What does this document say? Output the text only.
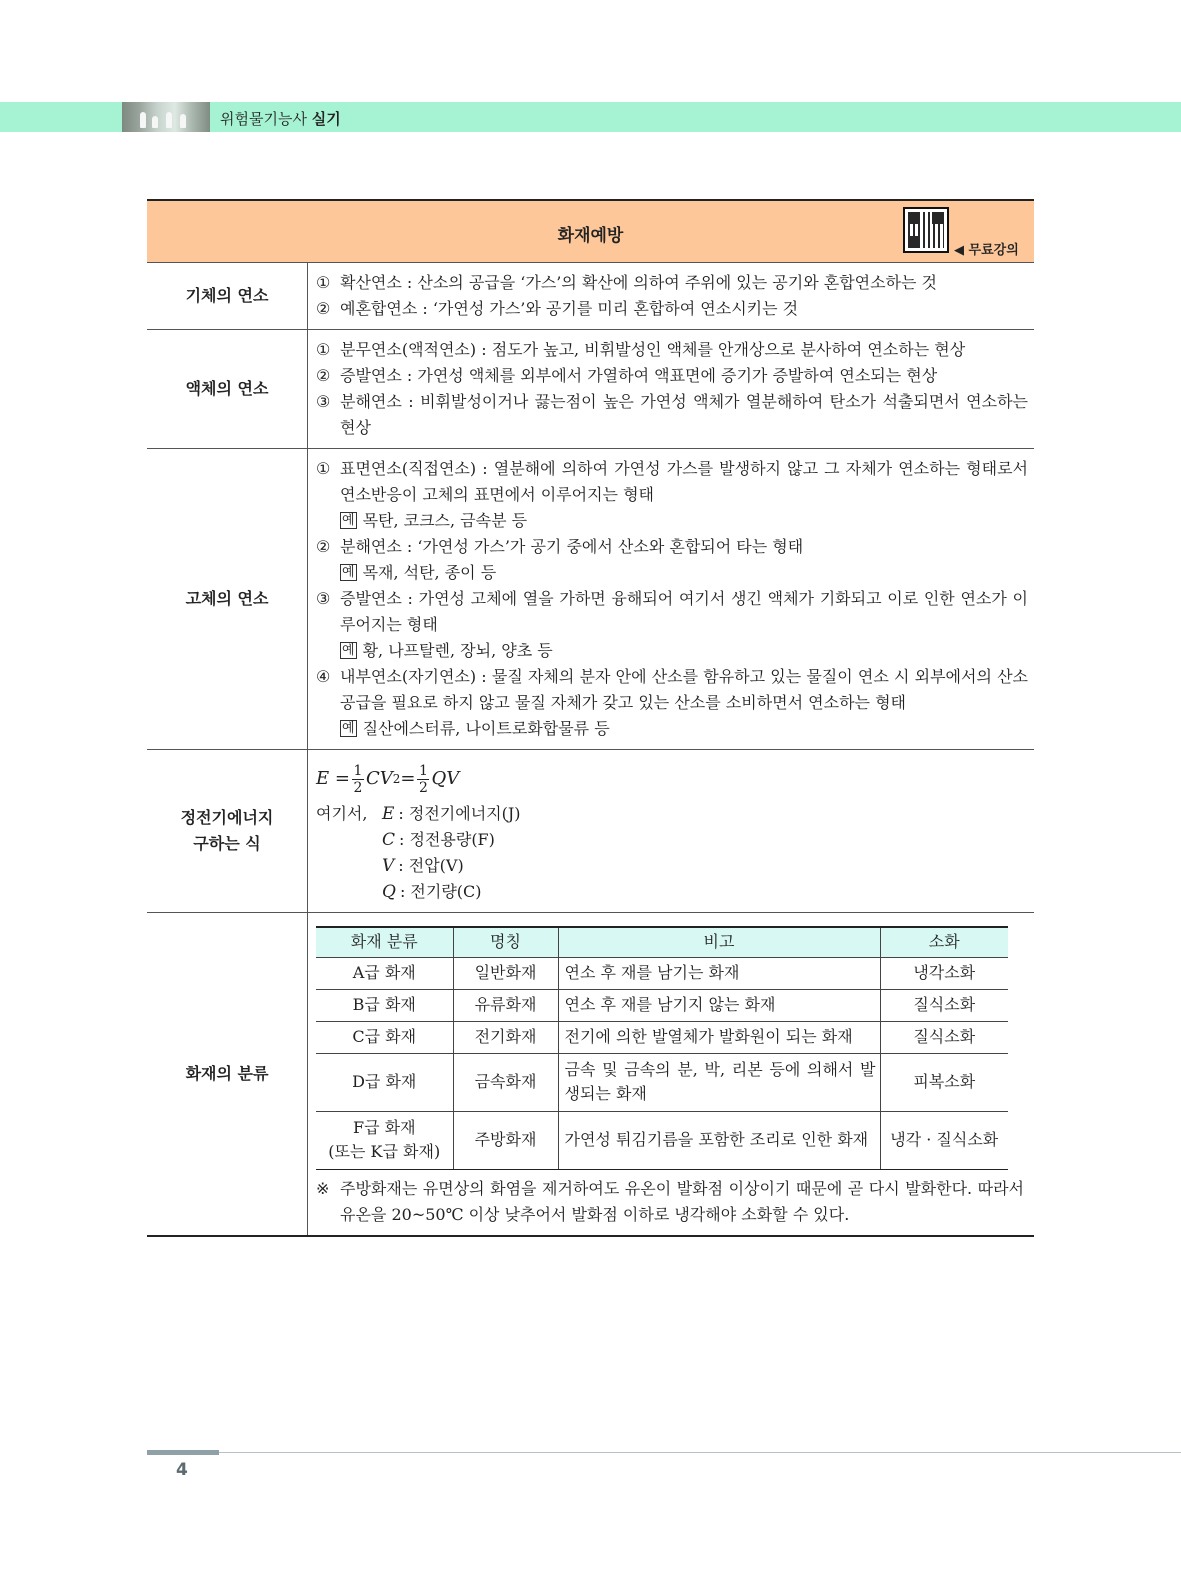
위험물기능사 실기
화재예방
◀ 무료강의
기체의 연소
① 확산연소 : 산소의 공급을 ‘가스’의 확산에 의하여 주위에 있는 공기와 혼합연소하는 것
② 예혼합연소 : ‘가연성 가스’와 공기를 미리 혼합하여 연소시키는 것
액체의 연소
① 분무연소(액적연소) : 점도가 높고, 비휘발성인 액체를 안개상으로 분사하여 연소하는 현상
② 증발연소 : 가연성 액체를 외부에서 가열하여 액표면에 증기가 증발하여 연소되는 현상
③ 분해연소 : 비휘발성이거나 끓는점이 높은 가연성 액체가 열분해하여 탄소가 석출되면서 연소하는 현상
고체의 연소
① 표면연소(직접연소) : 열분해에 의하여 가연성 가스를 발생하지 않고 그 자체가 연소하는 형태로서 연소반응이 고체의 표면에서 이루어지는 형태
예 목탄, 코크스, 금속분 등
② 분해연소 : ‘가연성 가스’가 공기 중에서 산소와 혼합되어 타는 형태
예 목재, 석탄, 종이 등
③ 증발연소 : 가연성 고체에 열을 가하면 융해되어 여기서 생긴 액체가 기화되고 이로 인한 연소가 이루어지는 형태
예 황, 나프탈렌, 장뇌, 양초 등
④ 내부연소(자기연소) : 물질 자체의 분자 안에 산소를 함유하고 있는 물질이 연소 시 외부에서의 산소 공급을 필요로 하지 않고 물질 자체가 갖고 있는 산소를 소비하면서 연소하는 형태
예 질산에스터류, 나이트로화합물류 등
정전기에너지
구하는 식
$E = \frac{1}{2}$ CV $2 = \frac{1}{2}$ QV
여기서, E : 정전기에너지(J)
C : 정전용량(F)
V : 전압(V)
Q : 전기량(C)
화재의 분류
화재 분류	명칭	비고	소화
A급 화재	일반화재	연소 후 재를 남기는 화재	냉각소화
B급 화재	유류화재	연소 후 재를 남기지 않는 화재	질식소화
C급 화재	전기화재	전기에 의한 발열체가 발화원이 되는 화재	질식소화
D급 화재	금속화재	금속 및 금속의 분, 박, 리본 등에 의해서 발생되는 화재	피복소화
F급 화재
(또는 K급 화재)	주방화재	가연성 튀김기름을 포함한 조리로 인한 화재	냉각 · 질식소화
※ 주방화재는 유면상의 화염을 제거하여도 유온이 발화점 이상이기 때문에 곧 다시 발화한다. 따라서 유온을 20~50℃ 이상 낮추어서 발화점 이하로 냉각해야 소화할 수 있다.
4
